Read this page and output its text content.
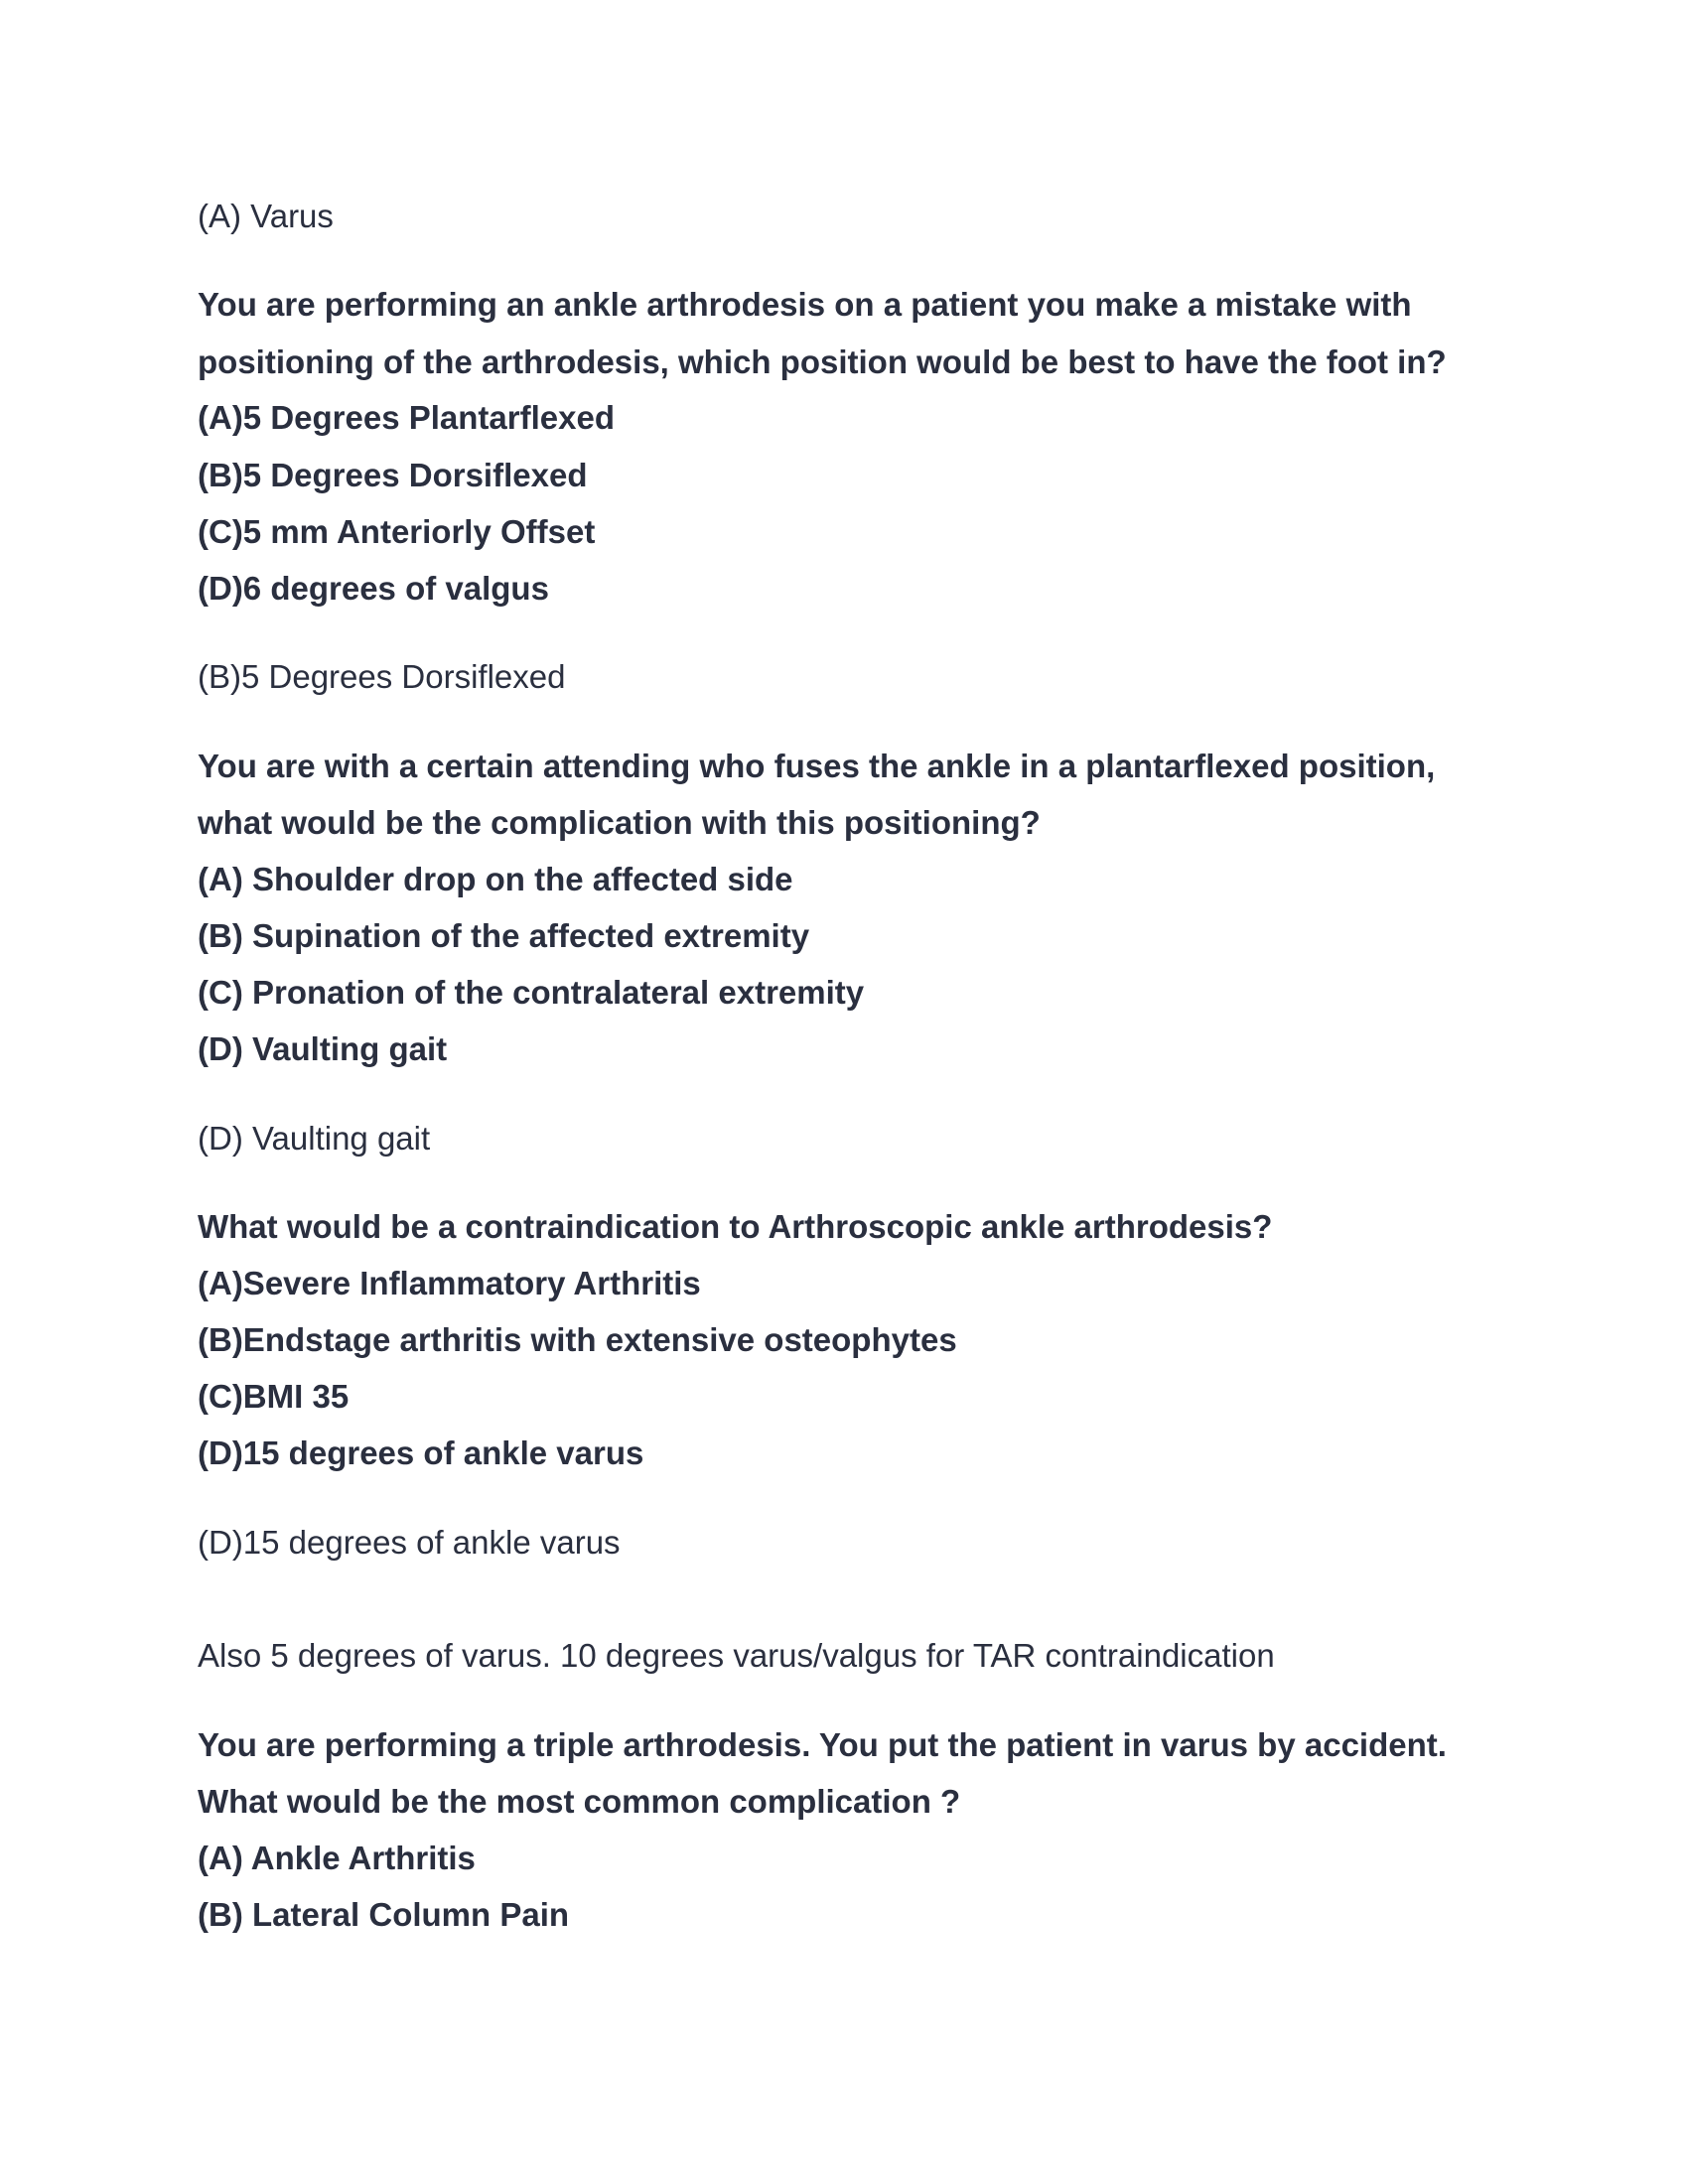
(A) Varus
You are performing an ankle arthrodesis on a patient you make a mistake with
positioning of the arthrodesis, which position would be best to have the foot in?
(A)5 Degrees Plantarflexed
(B)5 Degrees Dorsiflexed
(C)5 mm Anteriorly Offset
(D)6 degrees of valgus
(B)5 Degrees Dorsiflexed
You are with a certain attending who fuses the ankle in a plantarflexed position,
what would be the complication with this positioning?
(A) Shoulder drop on the affected side
(B) Supination of the affected extremity
(C) Pronation of the contralateral extremity
(D) Vaulting gait
(D) Vaulting gait
What would be a contraindication to Arthroscopic ankle arthrodesis?
(A)Severe Inflammatory Arthritis
(B)Endstage arthritis with extensive osteophytes
(C)BMI 35
(D)15 degrees of ankle varus
(D)15 degrees of ankle varus
Also 5 degrees of varus. 10 degrees varus/valgus for TAR contraindication
You are performing a triple arthrodesis. You put the patient in varus by accident.
What would be the most common complication ?
(A) Ankle Arthritis
(B) Lateral Column Pain
